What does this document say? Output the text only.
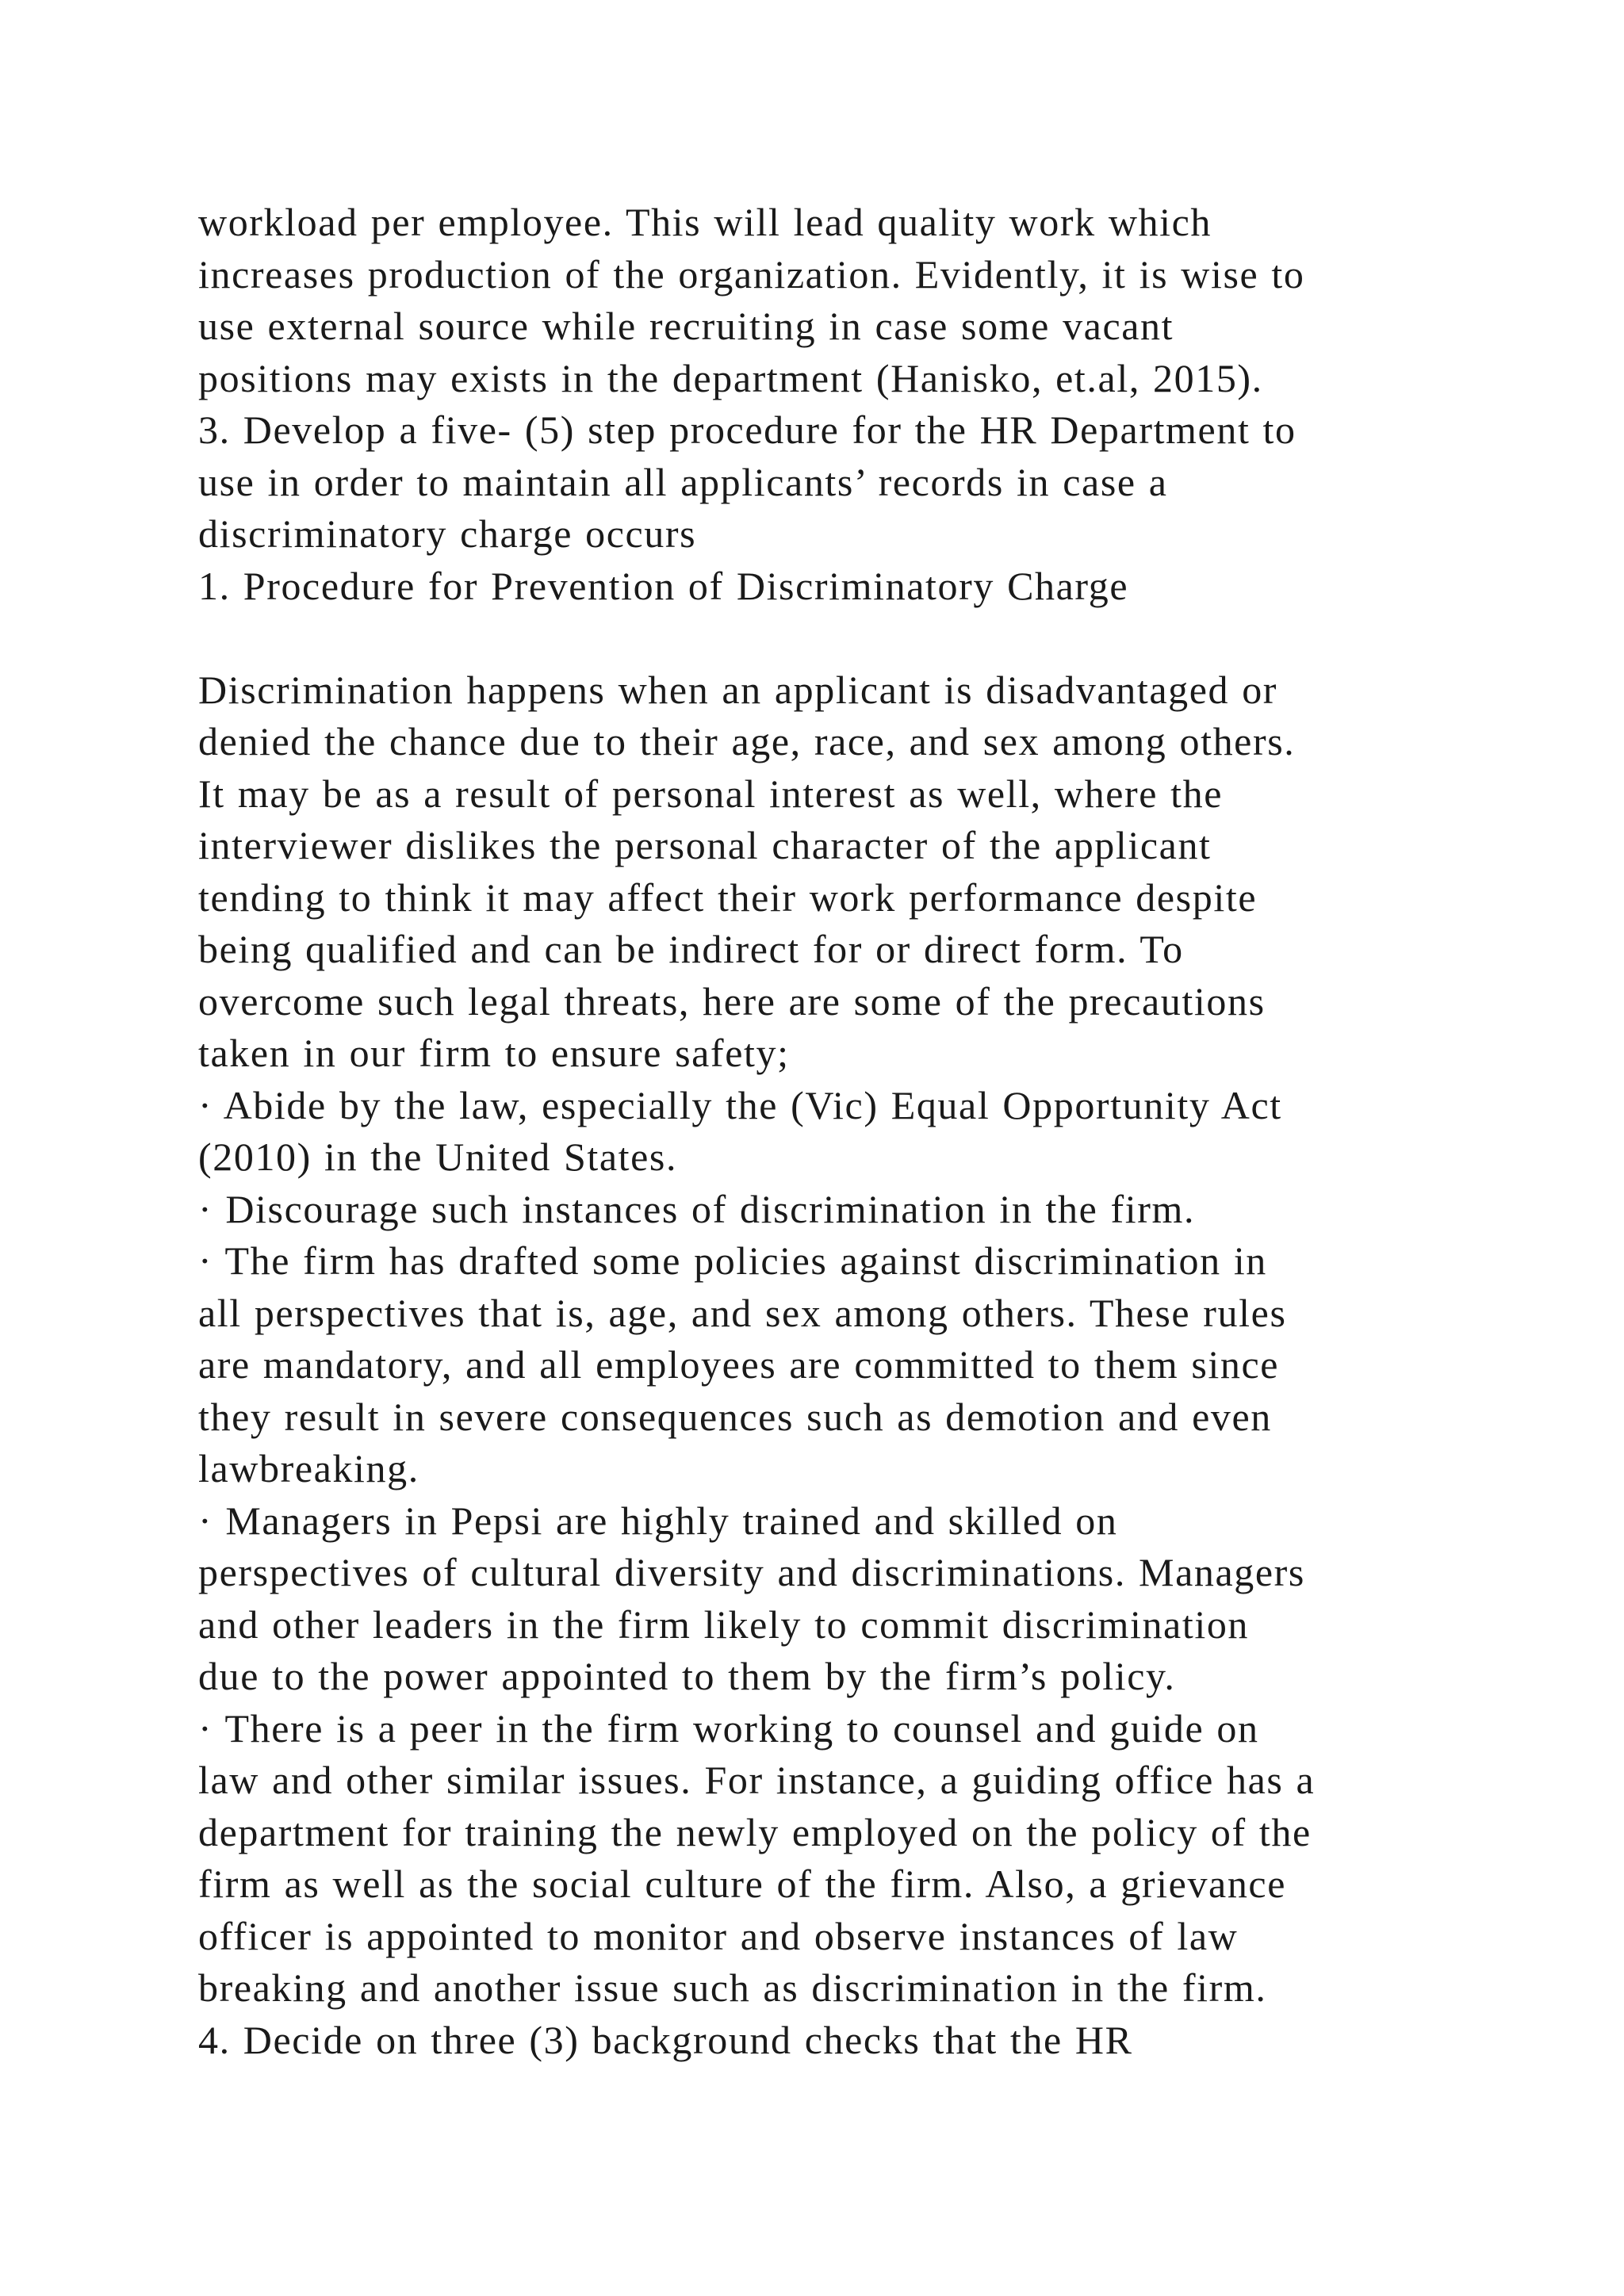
workload per employee. This will lead quality work which
increases production of the organization. Evidently, it is wise to
use external source while recruiting in case some vacant
positions may exists in the department (Hanisko, et.al, 2015).
3. Develop a five- (5) step procedure for the HR Department to
use in order to maintain all applicants’ records in case a
discriminatory charge occurs
1. Procedure for Prevention of Discriminatory Charge
Discrimination happens when an applicant is disadvantaged or
denied the chance due to their age, race, and sex among others.
It may be as a result of personal interest as well, where the
interviewer dislikes the personal character of the applicant
tending to think it may affect their work performance despite
being qualified and can be indirect for or direct form. To
overcome such legal threats, here are some of the precautions
taken in our firm to ensure safety;
· Abide by the law, especially the (Vic) Equal Opportunity Act
(2010) in the United States.
· Discourage such instances of discrimination in the firm.
· The firm has drafted some policies against discrimination in
all perspectives that is, age, and sex among others. These rules
are mandatory, and all employees are committed to them since
they result in severe consequences such as demotion and even
lawbreaking.
· Managers in Pepsi are highly trained and skilled on
perspectives of cultural diversity and discriminations. Managers
and other leaders in the firm likely to commit discrimination
due to the power appointed to them by the firm’s policy.
· There is a peer in the firm working to counsel and guide on
law and other similar issues. For instance, a guiding office has a
department for training the newly employed on the policy of the
firm as well as the social culture of the firm. Also, a grievance
officer is appointed to monitor and observe instances of law
breaking and another issue such as discrimination in the firm.
4. Decide on three (3) background checks that the HR
